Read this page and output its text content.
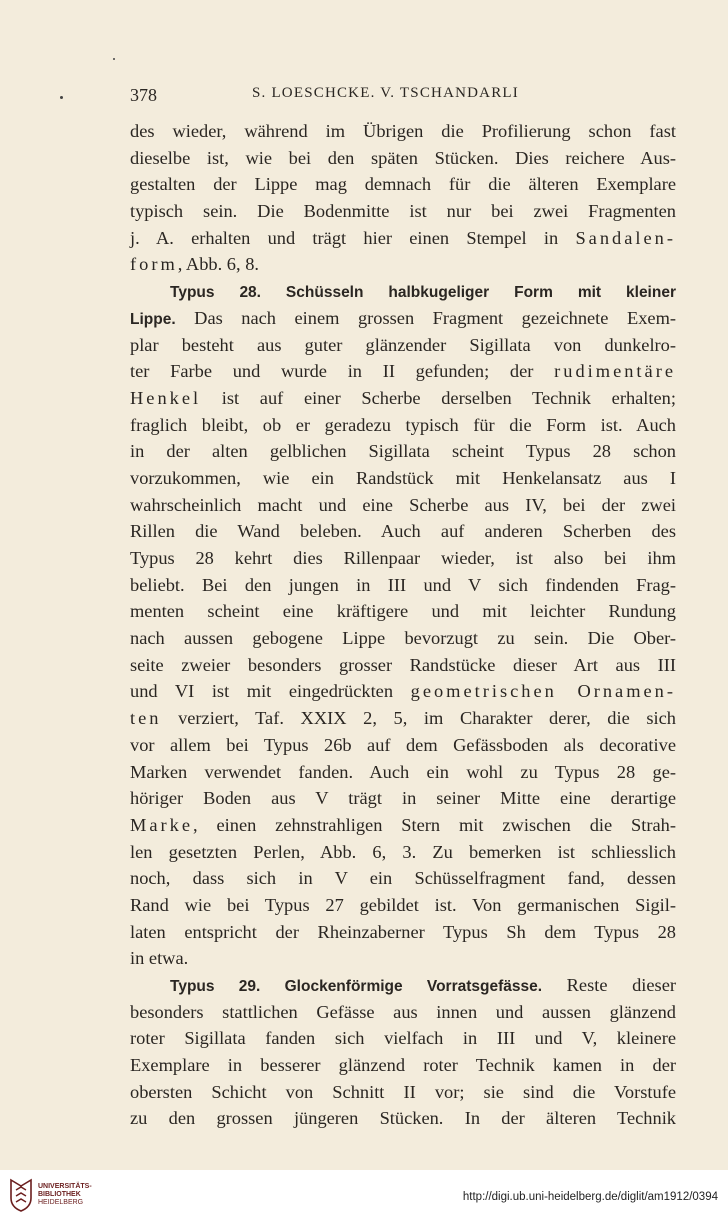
378	S. LOESCHCKE. V. TSCHANDARLI
des wieder, während im Übrigen die Profilierung schon fast
dieselbe ist, wie bei den späten Stücken. Dies reichere Aus-
gestalten der Lippe mag demnach für die älteren Exemplare
typisch sein. Die Bodenmitte ist nur bei zwei Fragmenten
j. A. erhalten und trägt hier einen Stempel in Sandalen-
form, Abb. 6, 8.
Typus 28. Schüsseln halbkugeliger Form mit kleiner
Lippe. Das nach einem grossen Fragment gezeichnete Exem-
plar besteht aus guter glänzender Sigillata von dunkelro-
ter Farbe und wurde in II gefunden; der rudimentäre
Henkel ist auf einer Scherbe derselben Technik erhalten;
fraglich bleibt, ob er geradezu typisch für die Form ist. Auch
in der alten gelblichen Sigillata scheint Typus 28 schon
vorzukommen, wie ein Randstück mit Henkelansatz aus I
wahrscheinlich macht und eine Scherbe aus IV, bei der zwei
Rillen die Wand beleben. Auch auf anderen Scherben des
Typus 28 kehrt dies Rillenpaar wieder, ist also bei ihm
beliebt. Bei den jungen in III und V sich findenden Frag-
menten scheint eine kräftigere und mit leichter Rundung
nach aussen gebogene Lippe bevorzugt zu sein. Die Ober-
seite zweier besonders grosser Randstücke dieser Art aus III
und VI ist mit eingedrückten geometrischen Ornamen-
ten verziert, Taf. XXIX 2, 5, im Charakter derer, die sich
vor allem bei Typus 26b auf dem Gefässboden als decorative
Marken verwendet fanden. Auch ein wohl zu Typus 28 ge-
höriger Boden aus V trägt in seiner Mitte eine derartige
Marke, einen zehnstrahligen Stern mit zwischen die Strah-
len gesetzten Perlen, Abb. 6, 3. Zu bemerken ist schliesslich
noch, dass sich in V ein Schüsselfragment fand, dessen
Rand wie bei Typus 27 gebildet ist. Von germanischen Sigil-
laten entspricht der Rheinzaberner Typus Sh dem Typus 28
in etwa.
Typus 29. Glockenförmige Vorratsgefässe. Reste dieser
besonders stattlichen Gefässe aus innen und aussen glänzend
roter Sigillata fanden sich vielfach in III und V, kleinere
Exemplare in besserer glänzend roter Technik kamen in der
obersten Schicht von Schnitt II vor; sie sind die Vorstufe
zu den grossen jüngeren Stücken. In der älteren Technik
UNIVERSITÄTS-
BIBLIOTHEK
HEIDELBERG	http://digi.ub.uni-heidelberg.de/diglit/am1912/0394
